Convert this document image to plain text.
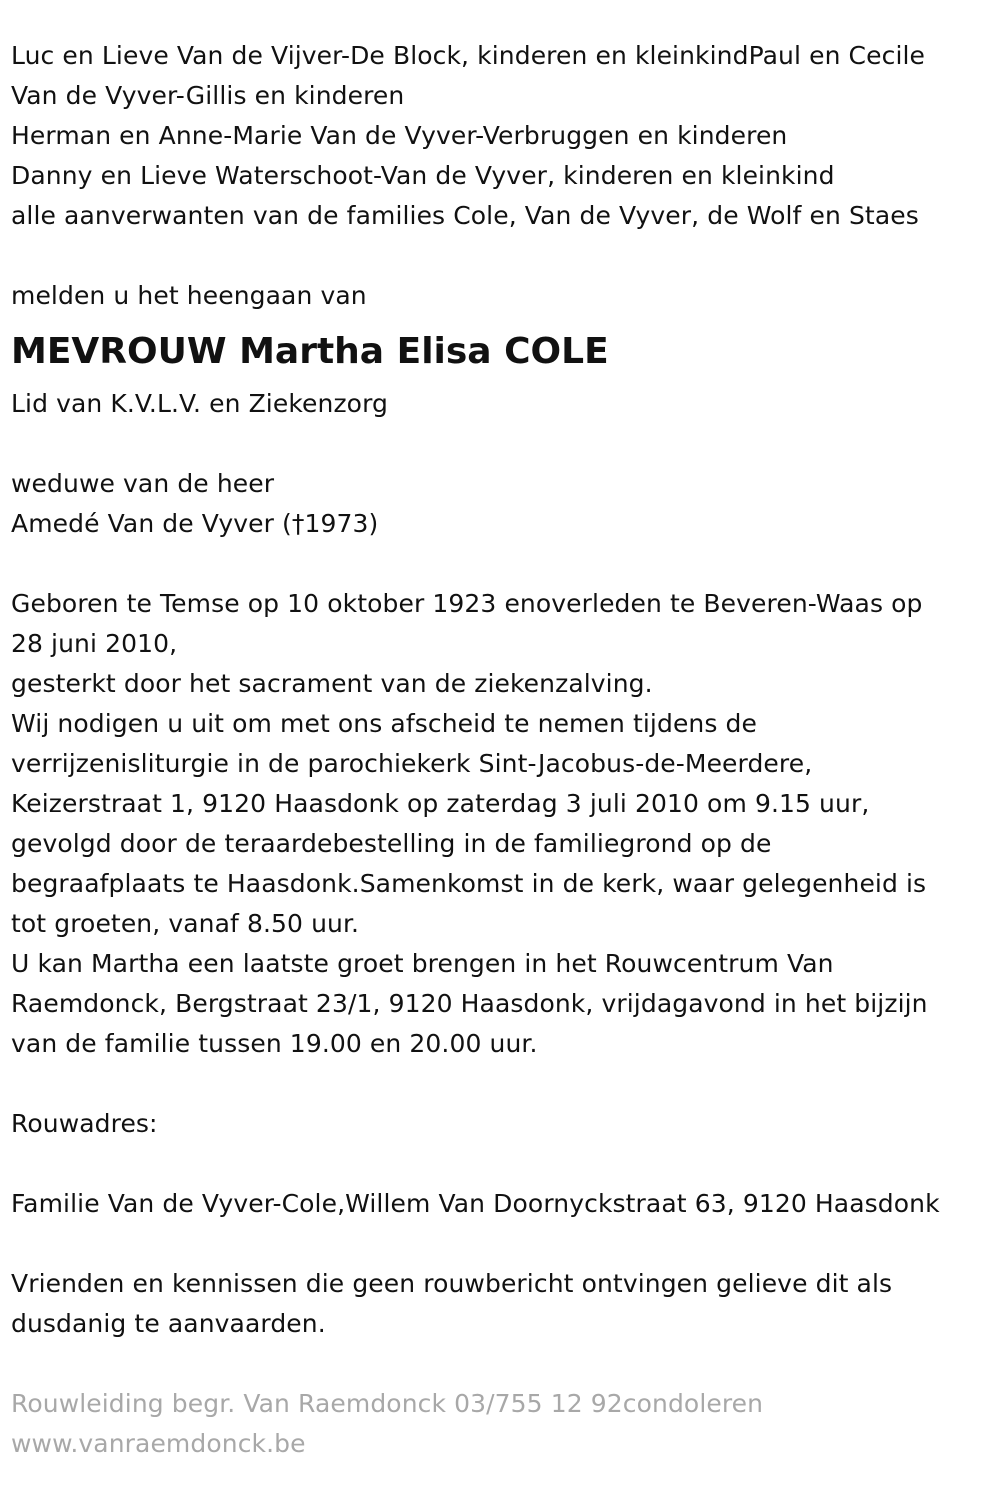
Luc en Lieve Van de Vijver-De Block, kinderen en kleinkindPaul en Cecile
Van de Vyver-Gillis en kinderen
Herman en Anne-Marie Van de Vyver-Verbruggen en kinderen
Danny en Lieve Waterschoot-Van de Vyver, kinderen en kleinkind
alle aanverwanten van de families Cole, Van de Vyver, de Wolf en Staes
melden u het heengaan van
MEVROUW Martha Elisa COLE
Lid van K.V.L.V. en Ziekenzorg
weduwe van de heer
Amedé Van de Vyver (†1973)
Geboren te Temse op 10 oktober 1923 enoverleden te Beveren-Waas op
28 juni 2010,
gesterkt door het sacrament van de ziekenzalving.
Wij nodigen u uit om met ons afscheid te nemen tijdens de
verrijzenisliturgie in de parochiekerk Sint-Jacobus-de-Meerdere,
Keizerstraat 1, 9120 Haasdonk op zaterdag 3 juli 2010 om 9.15 uur,
gevolgd door de teraardebestelling in de familiegrond op de
begraafplaats te Haasdonk.Samenkomst in de kerk, waar gelegenheid is
tot groeten, vanaf 8.50 uur.
U kan Martha een laatste groet brengen in het Rouwcentrum Van
Raemdonck, Bergstraat 23/1, 9120 Haasdonk, vrijdagavond in het bijzijn
van de familie tussen 19.00 en 20.00 uur.
Rouwadres:
Familie Van de Vyver-Cole,Willem Van Doornyckstraat 63, 9120 Haasdonk
Vrienden en kennissen die geen rouwbericht ontvingen gelieve dit als
dusdanig te aanvaarden.
Rouwleiding begr. Van Raemdonck 03/755 12 92condoleren
www.vanraemdonck.be
